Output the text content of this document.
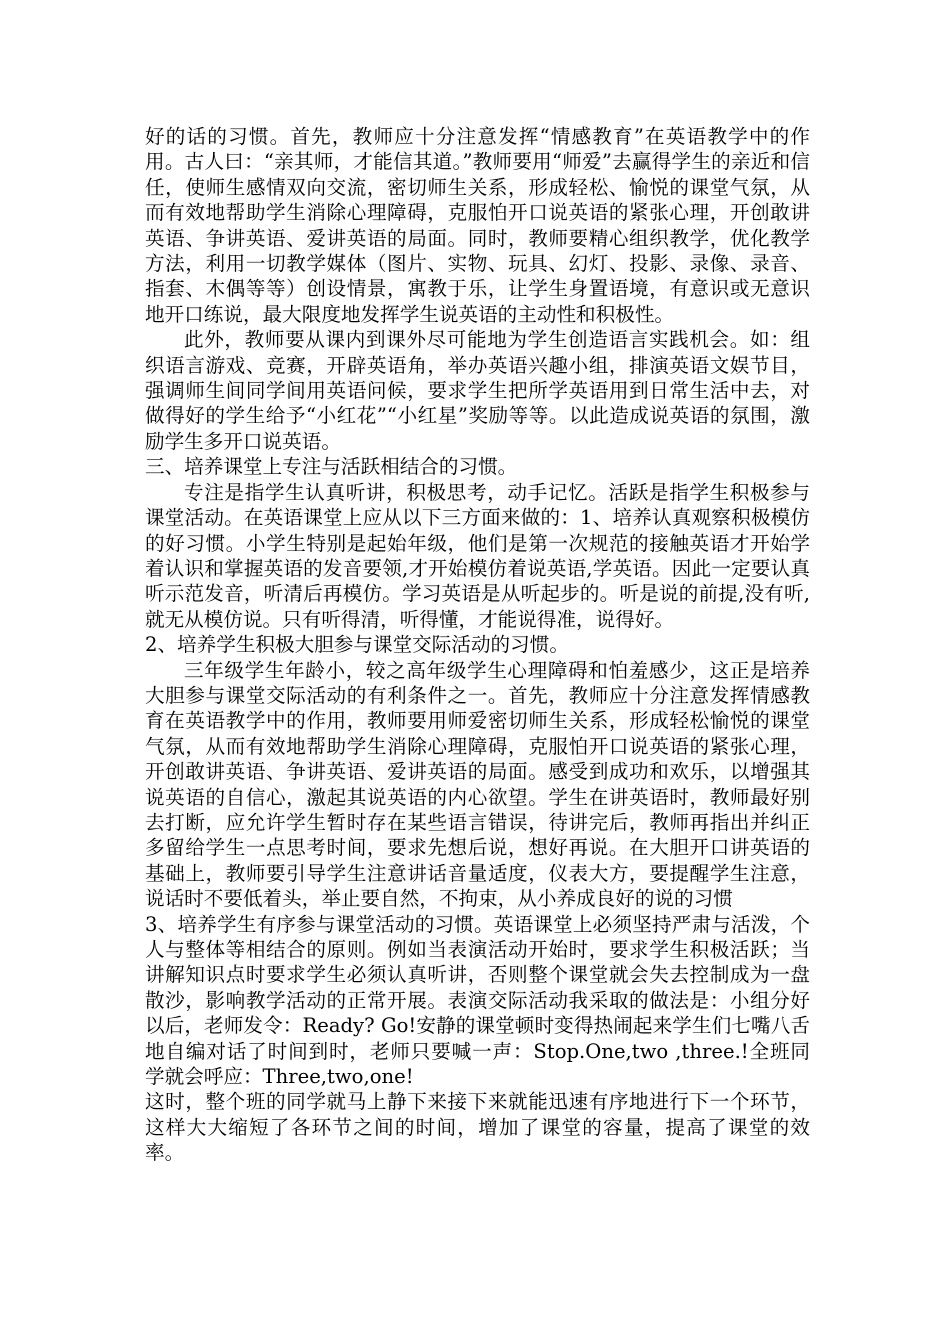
好的话的习惯。首先，教师应十分注意发挥“情感教育”在英语教学中的作用。古人曰：“亲其师，才能信其道。”教师要用“师爱”去赢得学生的亲近和信任，使师生感情双向交流，密切师生关系，形成轻松、愉悦的课堂气氛，从而有效地帮助学生消除心理障碍，克服怕开口说英语的紧张心理，开创敢讲英语、争讲英语、爱讲英语的局面。同时，教师要精心组织教学，优化教学方法，利用一切教学媒体（图片、实物、玩具、幻灯、投影、录像、录音、指套、木偶等等）创设情景，寓教于乐，让学生身置语境，有意识或无意识地开口练说，最大限度地发挥学生说英语的主动性和积极性。

此外，教师要从课内到课外尽可能地为学生创造语言实践机会。如：组织语言游戏、竞赛，开辟英语角，举办英语兴趣小组，排演英语文娱节目，强调师生间同学间用英语问候，要求学生把所学英语用到日常生活中去，对做得好的学生给予“小红花”“小红星”奖励等等。以此造成说英语的氛围，激励学生多开口说英语。

三、培养课堂上专注与活跃相结合的习惯。

专注是指学生认真听讲，积极思考，动手记忆。活跃是指学生积极参与课堂活动。在英语课堂上应从以下三方面来做的：1、培养认真观察积极模仿的好习惯。小学生特别是起始年级，他们是第一次规范的接触英语才开始学着认识和掌握英语的发音要领,才开始模仿着说英语,学英语。因此一定要认真听示范发音，听清后再模仿。学习英语是从听起步的。听是说的前提,没有听,就无从模仿说。只有听得清，听得懂，才能说得准，说得好。

2、培养学生积极大胆参与课堂交际活动的习惯。

三年级学生年龄小，较之高年级学生心理障碍和怕羞感少，这正是培养大胆参与课堂交际活动的有利条件之一。首先，教师应十分注意发挥情感教育在英语教学中的作用，教师要用师爱密切师生关系，形成轻松愉悦的课堂气氛，从而有效地帮助学生消除心理障碍，克服怕开口说英语的紧张心理，开创敢讲英语、争讲英语、爱讲英语的局面。感受到成功和欢乐，以增强其说英语的自信心，激起其说英语的内心欲望。学生在讲英语时，教师最好别去打断，应允许学生暂时存在某些语言错误，待讲完后，教师再指出并纠正多留给学生一点思考时间，要求先想后说，想好再说。在大胆开口讲英语的基础上，教师要引导学生注意讲话音量适度，仪表大方，要提醒学生注意，说话时不要低着头，举止要自然，不拘束，从小养成良好的说的习惯

3、培养学生有序参与课堂活动的习惯。英语课堂上必须坚持严肃与活泼，个人与整体等相结合的原则。例如当表演活动开始时，要求学生积极活跃；当讲解知识点时要求学生必须认真听讲，否则整个课堂就会失去控制成为一盘散沙，影响教学活动的正常开展。表演交际活动我采取的做法是：小组分好以后，老师发令：Ready? Go!安静的课堂顿时变得热闹起来学生们七嘴八舌地自编对话了时间到时，老师只要喊一声：Stop.One,two ,three.!全班同学就会呼应：Three,two,one!

这时，整个班的同学就马上静下来接下来就能迅速有序地进行下一个环节，这样大大缩短了各环节之间的时间，增加了课堂的容量，提高了课堂的效率。
